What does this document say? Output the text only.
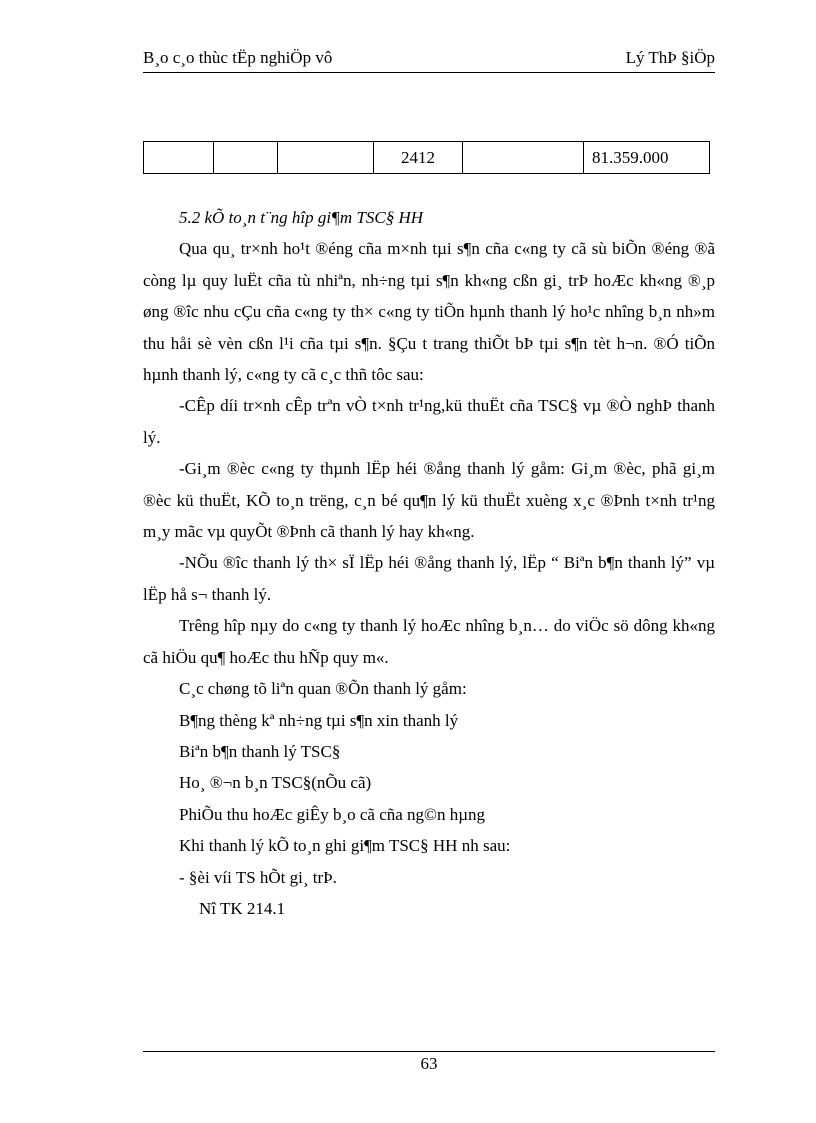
B¸o c¸o thùc tËp nghiÖp vô	Lý ThÞ §iÖp
			2412		81.359.000

5.2 kÕ to¸n t¨ng hîp gi¶m TSC§ HH

Qua qu¸ tr×nh ho¹t ®éng cña m×nh tµi s¶n cña c«ng ty cã sù biÕn ®éng ®ã còng lµ quy luËt cña tù nhiªn, nh÷ng tµi s¶n kh«ng cßn gi¸ trÞ hoÆc kh«ng ®¸p øng ®îc nhu cÇu cña c«ng ty th× c«ng ty tiÕn hµnh thanh lý ho¹c nhîng b¸n nh»m thu håi sè vèn cßn l¹i cña tµi s¶n. §Çu t trang thiÕt bÞ tµi s¶n tèt h¬n. ®Ó tiÕn hµnh thanh lý, c«ng ty cã c¸c thñ tôc sau:

-CÊp díi tr×nh cÊp trªn vÒ t×nh tr¹ng,kü thuËt cña TSC§ vµ ®Ò nghÞ thanh lý.

-Gi¸m ®èc c«ng ty thµnh lËp héi ®ång thanh lý gåm: Gi¸m ®èc, phã gi¸m ®èc kü thuËt, KÕ to¸n trëng, c¸n bé qu¶n lý kü thuËt xuèng x¸c ®Þnh t×nh tr¹ng m¸y mãc vµ quyÕt ®Þnh cã thanh lý hay kh«ng.

-NÕu ®îc thanh lý th× sÏ lËp héi ®ång thanh lý, lËp “ Biªn b¶n thanh lý” vµ lËp hå s¬ thanh lý.

Trêng hîp nµy do c«ng ty thanh lý hoÆc nhîng b¸n… do viÖc sö dông kh«ng cã hiÖu qu¶ hoÆc thu hÑp quy m«.

C¸c chøng tõ liªn quan ®Õn thanh lý gåm:

B¶ng thèng kª nh÷ng tµi s¶n xin thanh lý

Biªn b¶n thanh lý TSC§

Ho¸ ®¬n b¸n TSC§(nÕu cã)

PhiÕu thu hoÆc giÊy b¸o cã cña ng©n hµng

Khi thanh lý kÕ to¸n ghi gi¶m TSC§ HH nh sau:

- §èi víi TS hÕt gi¸ trÞ.

Nî TK 214.1

63
